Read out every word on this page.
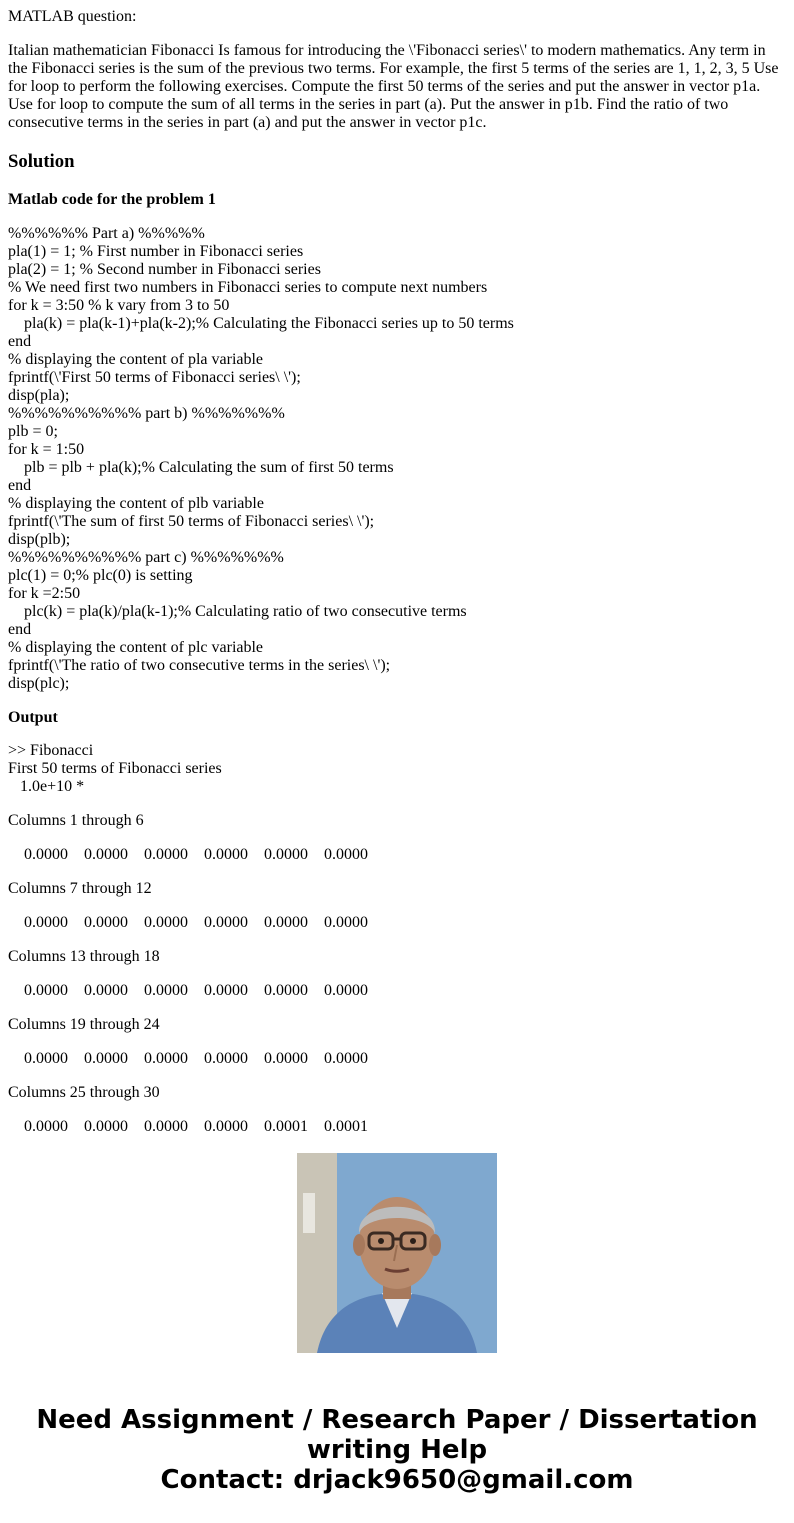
MATLAB question:

Italian mathematician Fibonacci Is famous for introducing the \'Fibonacci series\' to modern mathematics. Any term in the Fibonacci series is the sum of the previous two terms. For example, the first 5 terms of the series are 1, 1, 2, 3, 5 Use for loop to perform the following exercises. Compute the first 50 terms of the series and put the answer in vector p1a. Use for loop to compute the sum of all terms in the series in part (a). Put the answer in p1b. Find the ratio of two consecutive terms in the series in part (a) and put the answer in vector p1c.

Solution
Matlab code for the problem 1
%%%%%% Part a) %%%%%
pla(1) = 1; % First number in Fibonacci series
pla(2) = 1; % Second number in Fibonacci series
% We need first two numbers in Fibonacci series to compute next numbers
for k = 3:50 % k vary from 3 to 50
pla(k) = pla(k-1)+pla(k-2);% Calculating the Fibonacci series up to 50 terms
end
% displaying the content of pla variable
fprintf(\'First 50 terms of Fibonacci series\ \');
disp(pla);
%%%%%%%%%% part b) %%%%%%%
plb = 0;
for k = 1:50
plb = plb + pla(k);% Calculating the sum of first 50 terms
end
% displaying the content of plb variable
fprintf(\'The sum of first 50 terms of Fibonacci series\ \');
disp(plb);
%%%%%%%%%% part c) %%%%%%%
plc(1) = 0;% plc(0) is setting
for k =2:50
plc(k) = pla(k)/pla(k-1);% Calculating ratio of two consecutive terms
end
% displaying the content of plc variable
fprintf(\'The ratio of two consecutive terms in the series\ \');
disp(plc);
Output
>> Fibonacci
First 50 terms of Fibonacci series
1.0e+10 *
Columns 1 through 6
0.0000 0.0000 0.0000 0.0000 0.0000 0.0000
Columns 7 through 12
0.0000 0.0000 0.0000 0.0000 0.0000 0.0000
Columns 13 through 18
0.0000 0.0000 0.0000 0.0000 0.0000 0.0000
Columns 19 through 24
0.0000 0.0000 0.0000 0.0000 0.0000 0.0000
Columns 25 through 30
0.0000 0.0000 0.0000 0.0000 0.0001 0.0001
Need Assignment / Research Paper / Dissertation
writing Help
Contact: drjack9650@gmail.com
